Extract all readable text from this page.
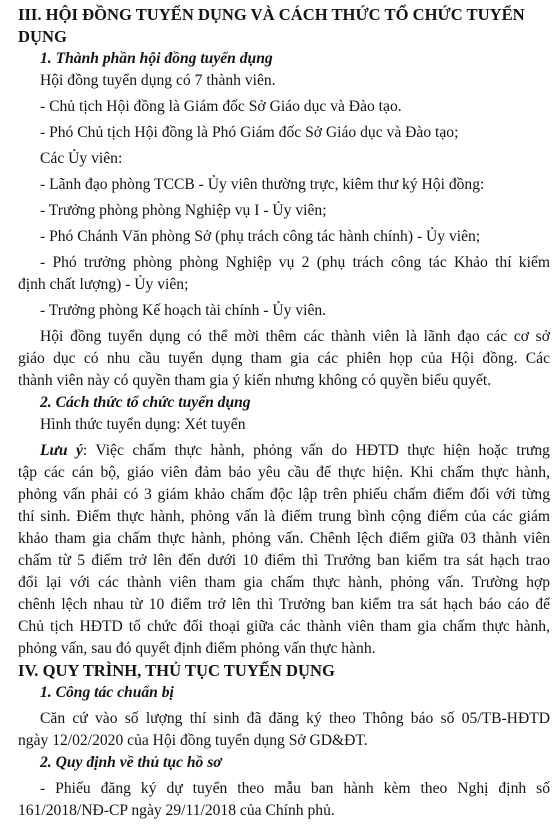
III. HỘI ĐỒNG TUYỂN DỤNG VÀ CÁCH THỨC TỔ CHỨC TUYỂN

DỤNG

1. Thành phần hội đồng tuyển dụng

Hội đồng tuyển dụng có 7 thành viên.

- Chủ tịch Hội đồng là Giám đốc Sở Giáo dục và Đào tạo.

- Phó Chủ tịch Hội đồng là Phó Giám đốc Sở Giáo dục và Đào tạo;

Các Ủy viên:

- Lãnh đạo phòng TCCB - Ủy viên thường trực, kiêm thư ký Hội đồng:

- Trưởng phòng phòng Nghiệp vụ I - Ủy viên;

- Phó Chánh Văn phòng Sở (phụ trách công tác hành chính) - Ủy viên;

- Phó trưởng phòng phòng Nghiệp vụ 2 (phụ trách công tác Khảo thí kiểm

định chất lượng) - Ủy viên;

- Trưởng phòng Kế hoạch tài chính - Ủy viên.

Hội đồng tuyển dụng có thể mời thêm các thành viên là lãnh đạo các cơ sở

giáo dục có nhu cầu tuyển dụng tham gia các phiên họp của Hội đồng. Các

thành viên này có quyền tham gia ý kiến nhưng không có quyền biểu quyết.

2. Cách thức tổ chức tuyển dụng

Hình thức tuyển dụng: Xét tuyển

Lưu ý: Việc chấm thực hành, phỏng vấn do HĐTD thực hiện hoặc trưng

tập các cán bộ, giáo viên đảm bảo yêu cầu để thực hiện. Khi chấm thực hành,

phỏng vấn phải có 3 giám khảo chấm độc lập trên phiếu chấm điểm đối với từng

thí sinh. Điểm thực hành, phỏng vấn là điểm trung bình cộng điểm của các giám

khảo tham gia chấm thực hành, phỏng vấn. Chênh lệch điểm giữa 03 thành viên

chấm từ 5 điểm trở lên đến dưới 10 điểm thì Trưởng ban kiểm tra sát hạch trao

đổi lại với các thành viên tham gia chấm thực hành, phỏng vấn. Trường hợp

chênh lệch nhau từ 10 điểm trở lên thì Trưởng ban kiểm tra sát hạch báo cáo để

Chủ tịch HĐTD tổ chức đối thoại giữa các thành viên tham gia chấm thực hành,

phỏng vấn, sau đó quyết định điểm phỏng vấn thực hành.

IV. QUY TRÌNH, THỦ TỤC TUYỂN DỤNG

1. Công tác chuẩn bị

Căn cứ vào số lượng thí sinh đã đăng ký theo Thông báo số 05/TB-HĐTD

ngày 12/02/2020 của Hội đồng tuyển dụng Sở GD&ĐT.

2. Quy định về thủ tục hồ sơ

- Phiếu đăng ký dự tuyển theo mẫu ban hành kèm theo Nghị định số

161/2018/NĐ-CP ngày 29/11/2018 của Chính phủ.
